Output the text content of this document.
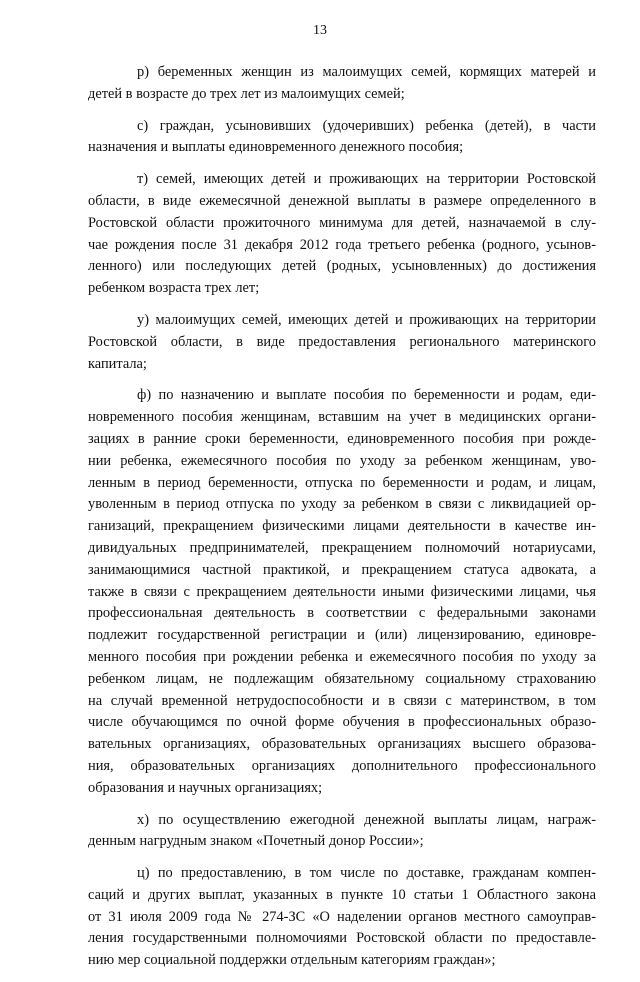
13
р) беременных женщин из малоимущих семей, кормящих матерей и
детей в возрасте до трех лет из малоимущих семей;
с) граждан, усыновивших (удочеривших) ребенка (детей), в части
назначения и выплаты единовременного денежного пособия;
т) семей, имеющих детей и проживающих на территории Ростовской
области, в виде ежемесячной денежной выплаты в размере определенного в
Ростовской области прожиточного минимума для детей, назначаемой в слу-
чае рождения после 31 декабря 2012 года третьего ребенка (родного, усынов-
ленного) или последующих детей (родных, усыновленных) до достижения
ребенком возраста трех лет;
у) малоимущих семей, имеющих детей и проживающих на территории
Ростовской области, в виде предоставления регионального материнского
капитала;
ф) по назначению и выплате пособия по беременности и родам, еди-
новременного пособия женщинам, вставшим на учет в медицинских органи-
зациях в ранние сроки беременности, единовременного пособия при рожде-
нии ребенка, ежемесячного пособия по уходу за ребенком женщинам, уво-
ленным в период беременности, отпуска по беременности и родам, и лицам,
уволенным в период отпуска по уходу за ребенком в связи с ликвидацией ор-
ганизаций, прекращением физическими лицами деятельности в качестве ин-
дивидуальных предпринимателей, прекращением полномочий нотариусами,
занимающимися частной практикой, и прекращением статуса адвоката, а
также в связи с прекращением деятельности иными физическими лицами, чья
профессиональная деятельность в соответствии с федеральными законами
подлежит государственной регистрации и (или) лицензированию, единовре-
менного пособия при рождении ребенка и ежемесячного пособия по уходу за
ребенком лицам, не подлежащим обязательному социальному страхованию
на случай временной нетрудоспособности и в связи с материнством, в том
числе обучающимся по очной форме обучения в профессиональных образо-
вательных организациях, образовательных организациях высшего образова-
ния, образовательных организациях дополнительного профессионального
образования и научных организациях;
х) по осуществлению ежегодной денежной выплаты лицам, награж-
денным нагрудным знаком «Почетный донор России»;
ц) по предоставлению, в том числе по доставке, гражданам компен-
саций и других выплат, указанных в пункте 10 статьи 1 Областного закона
от 31 июля 2009 года № 274-ЗС «О наделении органов местного самоуправ-
ления государственными полномочиями Ростовской области по предоставле-
нию мер социальной поддержки отдельным категориям граждан»;
